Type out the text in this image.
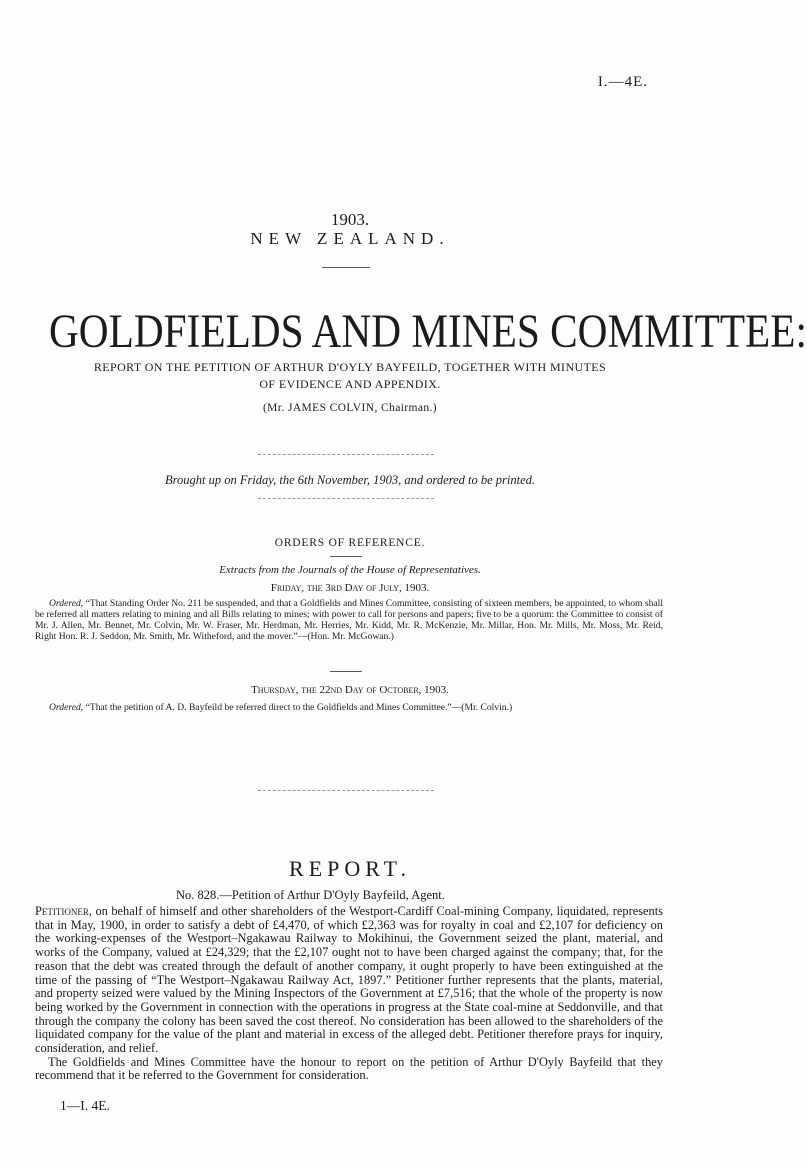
I.—4E.
1903.
NEW ZEALAND.
GOLDFIELDS AND MINES COMMITTEE:
REPORT ON THE PETITION OF ARTHUR D'OYLY BAYFEILD, TOGETHER WITH MINUTES
OF EVIDENCE AND APPENDIX.
(Mr. JAMES COLVIN, Chairman.)
Brought up on Friday, the 6th November, 1903, and ordered to be printed.
ORDERS OF REFERENCE.
Extracts from the Journals of the House of Representatives.
Friday, the 3rd Day of July, 1903.
Ordered, “That Standing Order No. 211 be suspended, and that a Goldfields and Mines Committee, consisting of sixteen members, be appointed, to whom shall be referred all matters relating to mining and all Bills relating to mines; with power to call for persons and papers; five to be a quorum: the Committee to consist of Mr. J. Allen, Mr. Bennet, Mr. Colvin, Mr. W. Fraser, Mr. Herdman, Mr. Herries, Mr. Kidd, Mr. R. McKenzie, Mr. Millar, Hon. Mr. Mills, Mr. Moss, Mr. Reid, Right Hon. R. J. Seddon, Mr. Smith, Mr. Witheford, and the mover.”—(Hon. Mr. McGowan.)
Thursday, the 22nd Day of October, 1903.
Ordered, “That the petition of A. D. Bayfeild be referred direct to the Goldfields and Mines Committee.”—(Mr. Colvin.)
REPORT.
No. 828.—Petition of Arthur D'Oyly Bayfeild, Agent.

Petitioner, on behalf of himself and other shareholders of the Westport-Cardiff Coal-mining Company, liquidated, represents that in May, 1900, in order to satisfy a debt of £4,470, of which £2,363 was for royalty in coal and £2,107 for deficiency on the working-expenses of the Westport–Ngakawau Railway to Mokihinui, the Government seized the plant, material, and works of the Company, valued at £24,329; that the £2,107 ought not to have been charged against the company; that, for the reason that the debt was created through the default of another company, it ought properly to have been extinguished at the time of the passing of “The Westport–Ngakawau Railway Act, 1897.” Petitioner further represents that the plants, material, and property seized were valued by the Mining Inspectors of the Government at £7,516; that the whole of the property is now being worked by the Government in connection with the operations in progress at the State coal-mine at Seddonville, and that through the company the colony has been saved the cost thereof. No consideration has been allowed to the shareholders of the liquidated company for the value of the plant and material in excess of the alleged debt. Petitioner therefore prays for inquiry, consideration, and relief.

The Goldfields and Mines Committee have the honour to report on the petition of Arthur D'Oyly Bayfeild that they recommend that it be referred to the Government for consideration.

1—I. 4E.
